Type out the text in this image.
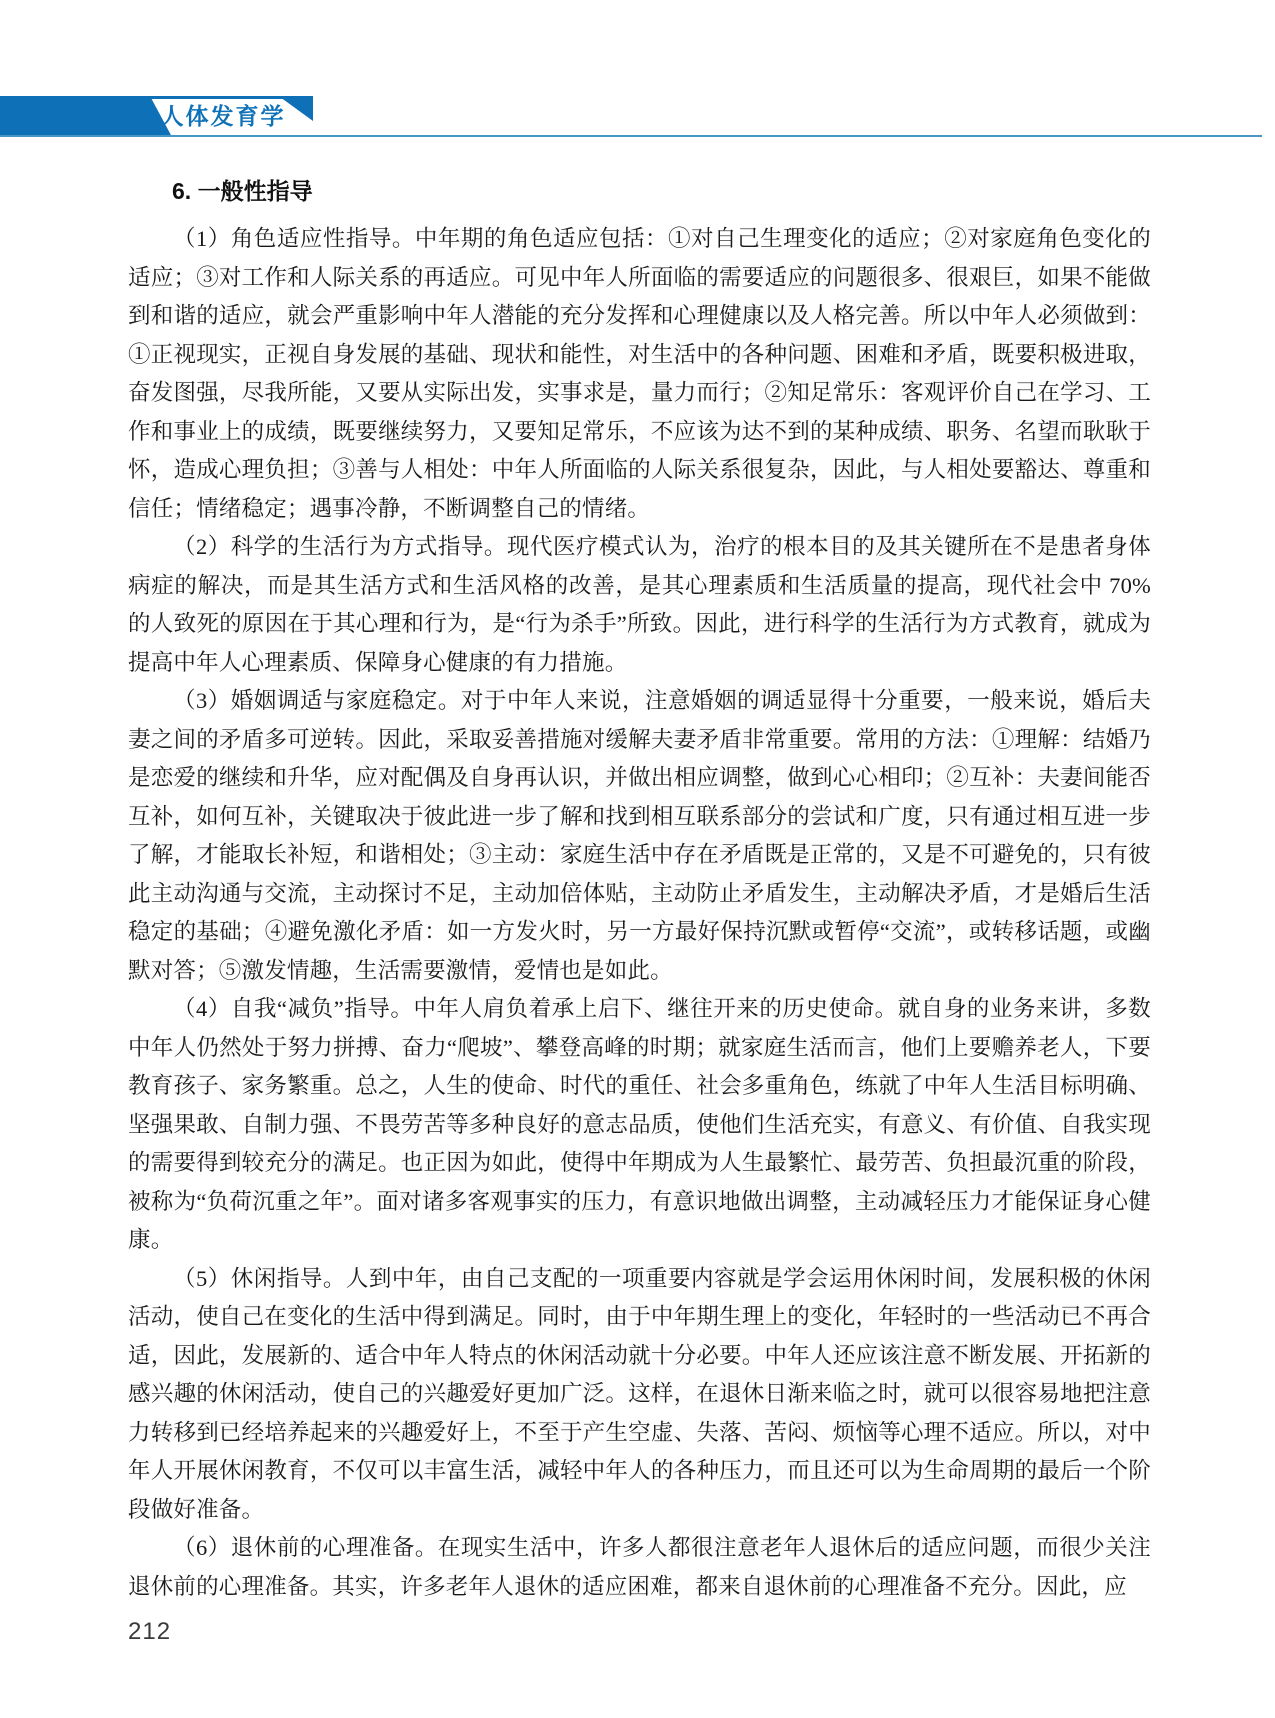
人体发育学
6. 一般性指导

（1）角色适应性指导。中年期的角色适应包括：①对自己生理变化的适应；②对家庭角色变化的适应；③对工作和人际关系的再适应。可见中年人所面临的需要适应的问题很多、很艰巨，如果不能做到和谐的适应，就会严重影响中年人潜能的充分发挥和心理健康以及人格完善。所以中年人必须做到：①正视现实，正视自身发展的基础、现状和能性，对生活中的各种问题、困难和矛盾，既要积极进取，奋发图强，尽我所能，又要从实际出发，实事求是，量力而行；②知足常乐：客观评价自己在学习、工作和事业上的成绩，既要继续努力，又要知足常乐，不应该为达不到的某种成绩、职务、名望而耿耿于怀，造成心理负担；③善与人相处：中年人所面临的人际关系很复杂，因此，与人相处要豁达、尊重和信任；情绪稳定；遇事冷静，不断调整自己的情绪。

（2）科学的生活行为方式指导。现代医疗模式认为，治疗的根本目的及其关键所在不是患者身体病症的解决，而是其生活方式和生活风格的改善，是其心理素质和生活质量的提高，现代社会中 70% 的人致死的原因在于其心理和行为，是“行为杀手”所致。因此，进行科学的生活行为方式教育，就成为提高中年人心理素质、保障身心健康的有力措施。

（3）婚姻调适与家庭稳定。对于中年人来说，注意婚姻的调适显得十分重要，一般来说，婚后夫妻之间的矛盾多可逆转。因此，采取妥善措施对缓解夫妻矛盾非常重要。常用的方法：①理解：结婚乃是恋爱的继续和升华，应对配偶及自身再认识，并做出相应调整，做到心心相印；②互补：夫妻间能否互补，如何互补，关键取决于彼此进一步了解和找到相互联系部分的尝试和广度，只有通过相互进一步了解，才能取长补短，和谐相处；③主动：家庭生活中存在矛盾既是正常的，又是不可避免的，只有彼此主动沟通与交流，主动探讨不足，主动加倍体贴，主动防止矛盾发生，主动解决矛盾，才是婚后生活稳定的基础；④避免激化矛盾：如一方发火时，另一方最好保持沉默或暂停“交流”，或转移话题，或幽默对答；⑤激发情趣，生活需要激情，爱情也是如此。

（4）自我“减负”指导。中年人肩负着承上启下、继往开来的历史使命。就自身的业务来讲，多数中年人仍然处于努力拼搏、奋力“爬坡”、攀登高峰的时期；就家庭生活而言，他们上要赡养老人，下要教育孩子、家务繁重。总之，人生的使命、时代的重任、社会多重角色，练就了中年人生活目标明确、坚强果敢、自制力强、不畏劳苦等多种良好的意志品质，使他们生活充实，有意义、有价值、自我实现的需要得到较充分的满足。也正因为如此，使得中年期成为人生最繁忙、最劳苦、负担最沉重的阶段，被称为“负荷沉重之年”。面对诸多客观事实的压力，有意识地做出调整，主动减轻压力才能保证身心健康。

（5）休闲指导。人到中年，由自己支配的一项重要内容就是学会运用休闲时间，发展积极的休闲活动，使自己在变化的生活中得到满足。同时，由于中年期生理上的变化，年轻时的一些活动已不再合适，因此，发展新的、适合中年人特点的休闲活动就十分必要。中年人还应该注意不断发展、开拓新的感兴趣的休闲活动，使自己的兴趣爱好更加广泛。这样，在退休日渐来临之时，就可以很容易地把注意力转移到已经培养起来的兴趣爱好上，不至于产生空虚、失落、苦闷、烦恼等心理不适应。所以，对中年人开展休闲教育，不仅可以丰富生活，减轻中年人的各种压力，而且还可以为生命周期的最后一个阶段做好准备。

（6）退休前的心理准备。在现实生活中，许多人都很注意老年人退休后的适应问题，而很少关注退休前的心理准备。其实，许多老年人退休的适应困难，都来自退休前的心理准备不充分。因此，应

212
